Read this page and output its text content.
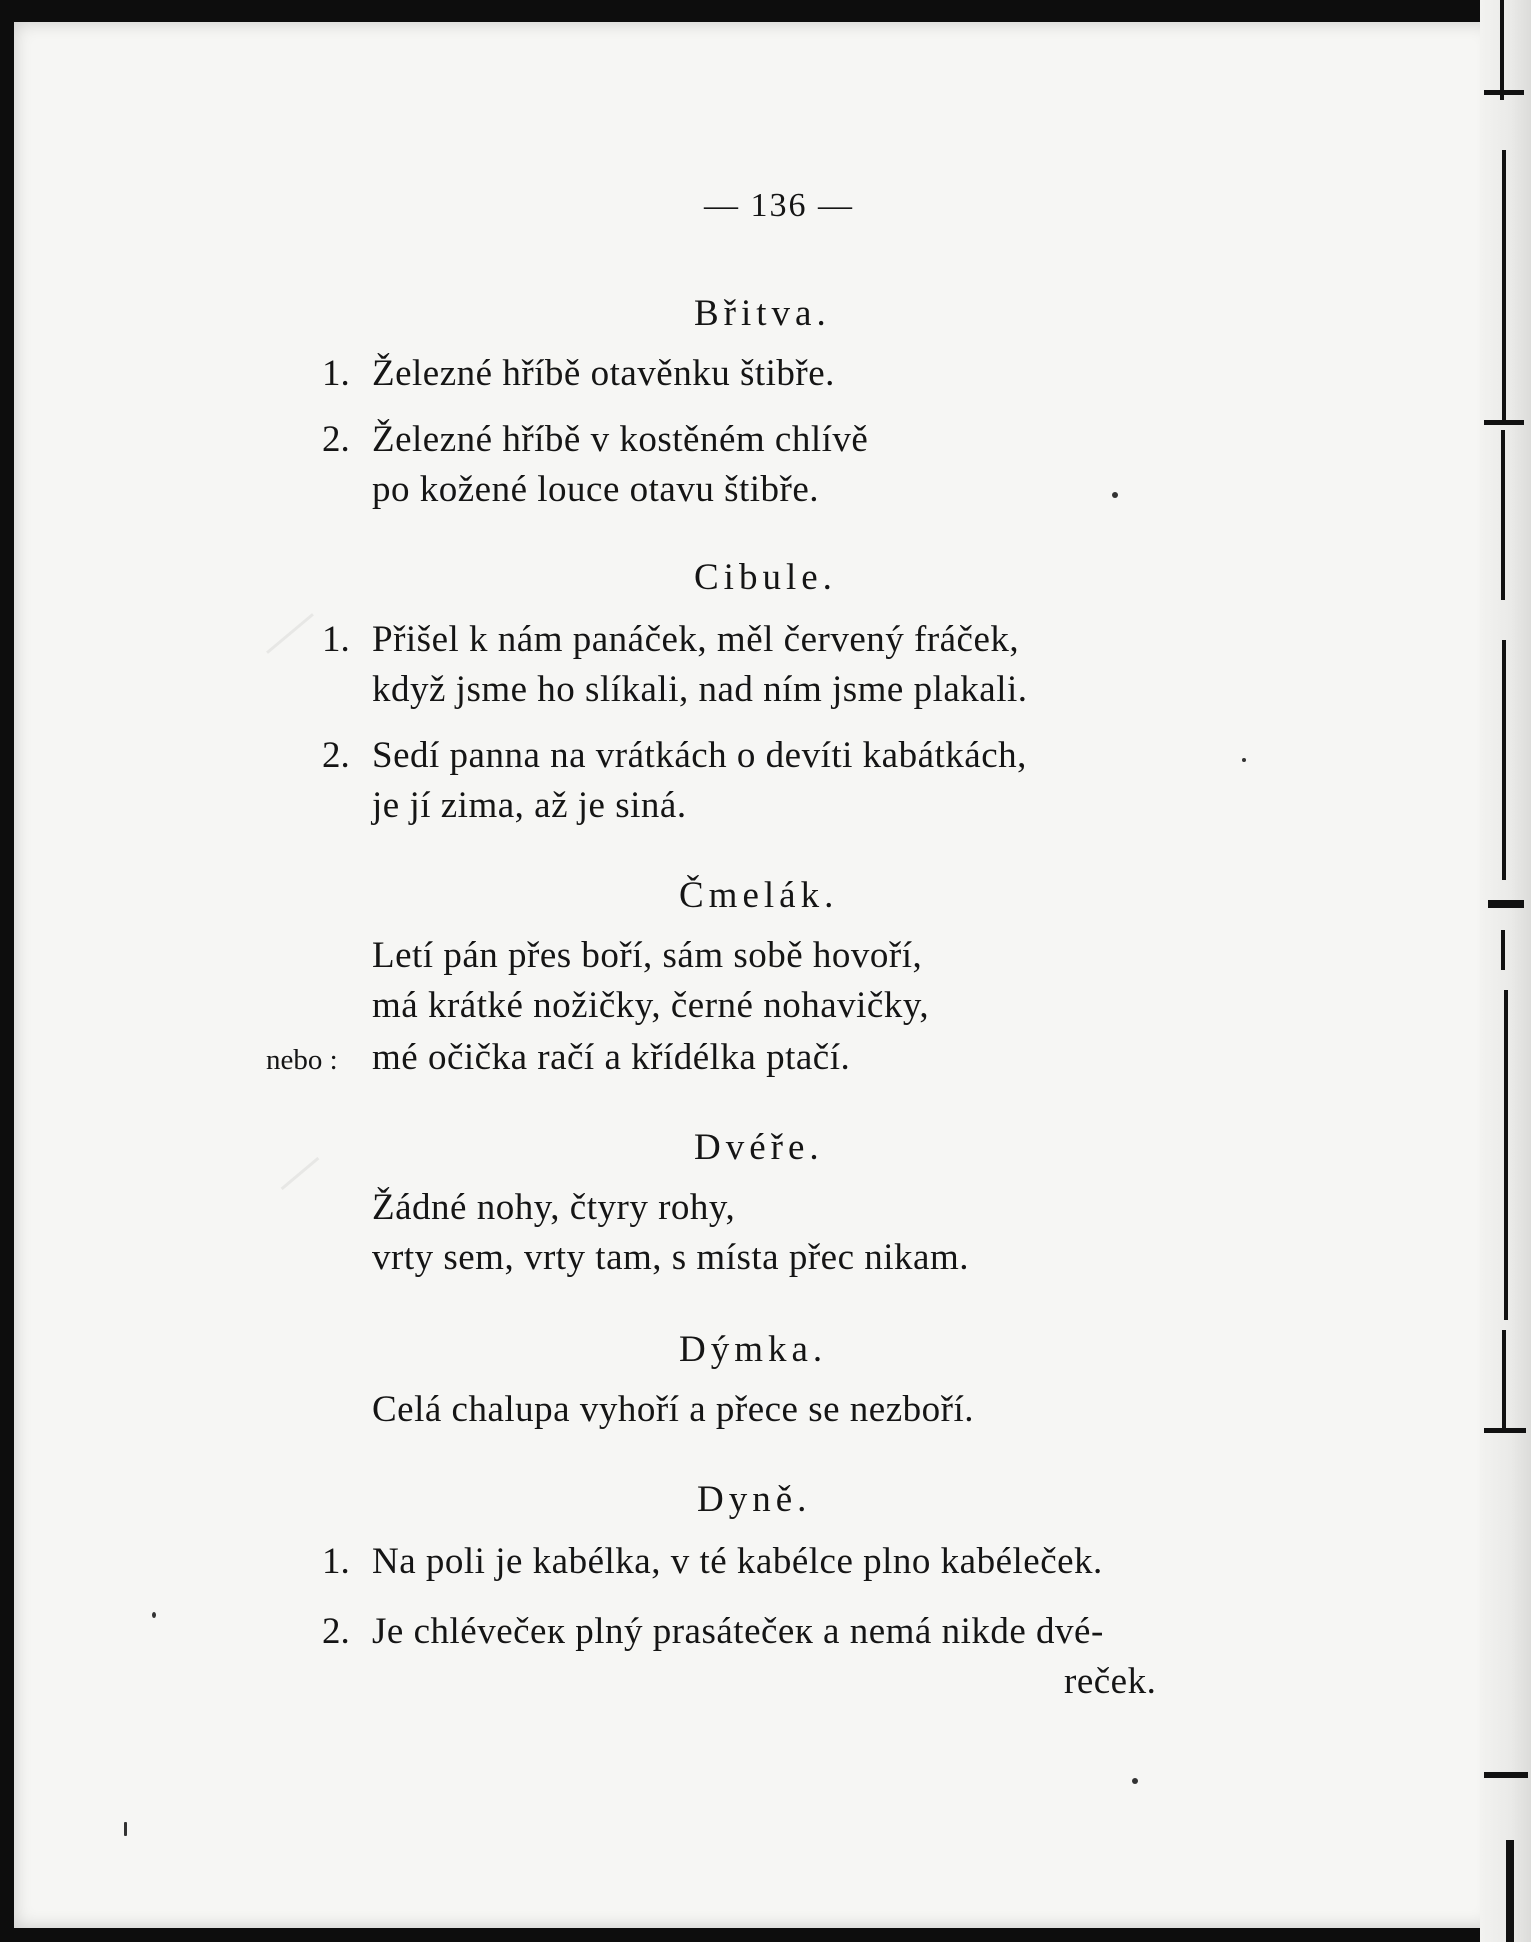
— 136 —
Břitva.
1. Železné hříbě otavěnku štibře.
2. Železné hříbě v kostěném chlívě
po kožené louce otavu štibře.
Cibule.
1. Přišel k nám panáček, měl červený fráček,
když jsme ho slíkali, nad ním jsme plakali.
2. Sedí panna na vrátkách o devíti kabátkách,
je jí zima, až je siná.
Čmelák.
Letí pán přes boří, sám sobě hovoří,
má krátké nožičky, černé nohavičky,
nebo : mé očička račí a křídélka ptačí.
Dvéře.
Žádné nohy, čtyry rohy,
vrty sem, vrty tam, s místa přec nikam.
Dýmka.
Celá chalupa vyhoří a přece se nezboří.
Dyně.
1. Na poli je kabélka, v té kabélce plno kabéleček.
2. Je chlévečeк plný prasátečeк a nemá nikde dvé-
reček.
